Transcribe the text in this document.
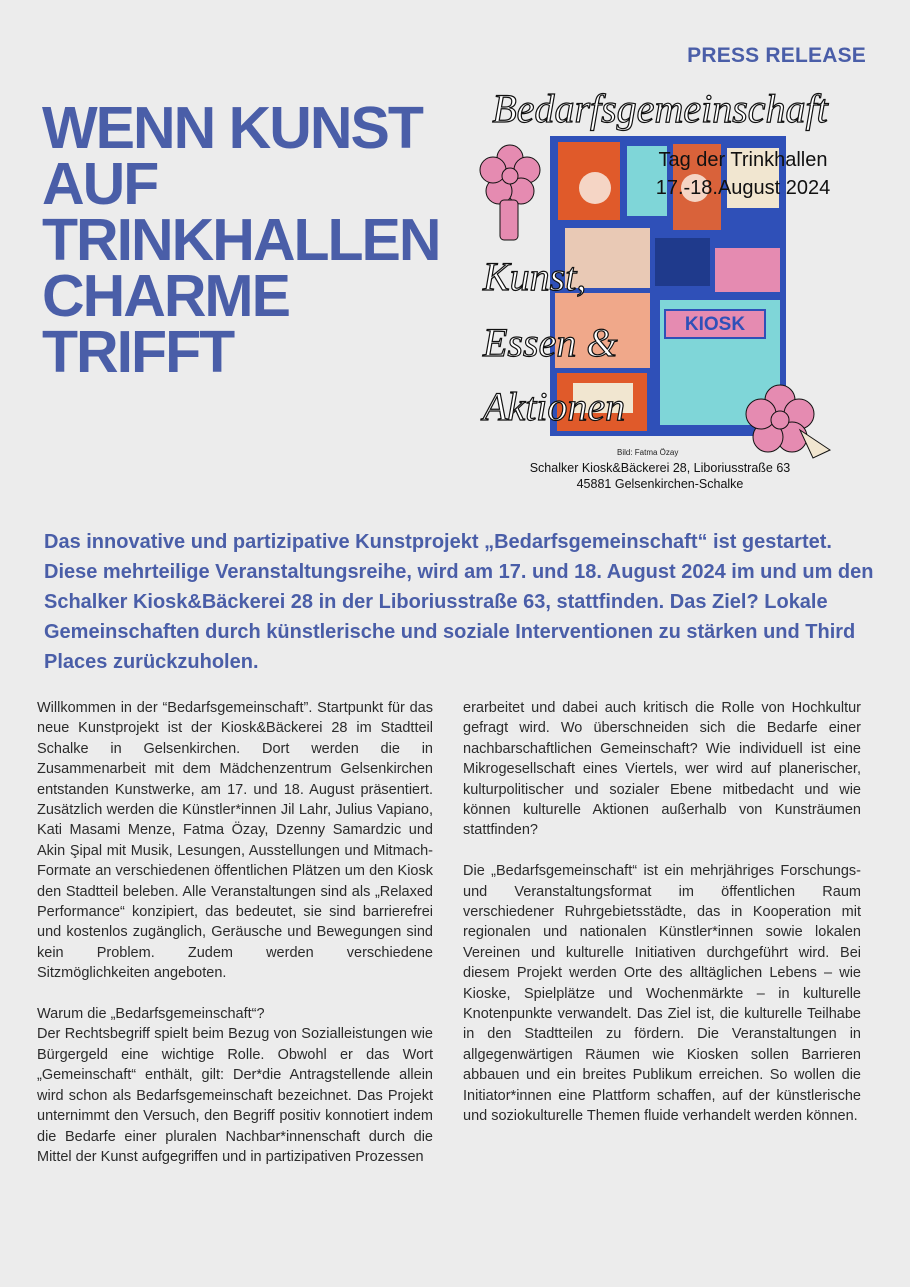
PRESS RELEASE
WENN KUNST
AUF
TRINKHALLEN
CHARME
TRIFFT	KIOSK
Bedarfsgemeinschaft
Tag der Trinkhallen
17.-18.August 2024
Kunst,
Essen &
Aktionen
Bild: Fatma Özay
Schalker Kiosk&Bäckerei 28, Liboriusstraße 63
45881 Gelsenkirchen-Schalke
Das innovative und partizipative Kunstprojekt „Bedarfsgemeinschaft“ ist gestartet. Diese mehrteilige Veranstaltungsreihe, wird am 17. und 18. August 2024 im und um den Schalker Kiosk&Bäckerei 28 in der Liboriusstraße 63, stattfinden. Das Ziel? Lokale Gemeinschaften durch künstlerische und soziale Interventionen zu stärken und Third Places zurückzuholen.

Willkommen in der “Bedarfsgemeinschaft”. Startpunkt für das neue Kunstprojekt ist der Kiosk&Bäckerei 28 im Stadtteil Schalke in Gelsenkirchen. Dort werden die in Zusammenarbeit mit dem Mädchenzentrum Gelsenkirchen entstanden Kunstwerke, am 17. und 18. August präsentiert. Zusätzlich werden die Künstler*innen Jil Lahr, Julius Vapiano, Kati Masami Menze, Fatma Özay, Dzenny Samardzic und Akin Şipal mit Musik, Lesungen, Ausstellungen und Mitmach-Formate an verschiedenen öffentlichen Plätzen um den Kiosk den Stadtteil beleben. Alle Veranstaltungen sind als „Relaxed Performance“ konzipiert, das bedeutet, sie sind barrierefrei und kostenlos zugänglich, Geräusche und Bewegungen sind kein Problem. Zudem werden verschiedene Sitzmöglichkeiten angeboten.

Warum die „Bedarfsgemeinschaft“?

Der Rechtsbegriff spielt beim Bezug von Sozialleistungen wie Bürgergeld eine wichtige Rolle. Obwohl er das Wort „Gemeinschaft“ enthält, gilt: Der*die Antragstellende allein wird schon als Bedarfsgemeinschaft bezeichnet. Das Projekt unternimmt den Versuch, den Begriff positiv konnotiert indem die Bedarfe einer pluralen Nachbar*innenschaft durch die Mittel der Kunst aufgegriffen und in partizipativen Prozessen

erarbeitet und dabei auch kritisch die Rolle von Hochkultur gefragt wird. Wo überschneiden sich die Bedarfe einer nachbarschaftlichen Gemeinschaft? Wie individuell ist eine Mikrogesellschaft eines Viertels, wer wird auf planerischer, kulturpolitischer und sozialer Ebene mitbedacht und wie können kulturelle Aktionen außerhalb von Kunsträumen stattfinden?

Die „Bedarfsgemeinschaft“ ist ein mehrjähriges Forschungs- und Veranstaltungsformat im öffentlichen Raum verschiedener Ruhrgebietsstädte, das in Kooperation mit regionalen und nationalen Künstler*innen sowie lokalen Vereinen und kulturelle Initiativen durchgeführt wird. Bei diesem Projekt werden Orte des alltäglichen Lebens – wie Kioske, Spielplätze und Wochenmärkte – in kulturelle Knotenpunkte verwandelt. Das Ziel ist, die kulturelle Teilhabe in den Stadtteilen zu fördern. Die Veranstaltungen in allgegenwärtigen Räumen wie Kiosken sollen Barrieren abbauen und ein breites Publikum erreichen. So wollen die Initiator*innen eine Plattform schaffen, auf der künstlerische und soziokulturelle Themen fluide verhandelt werden können.
